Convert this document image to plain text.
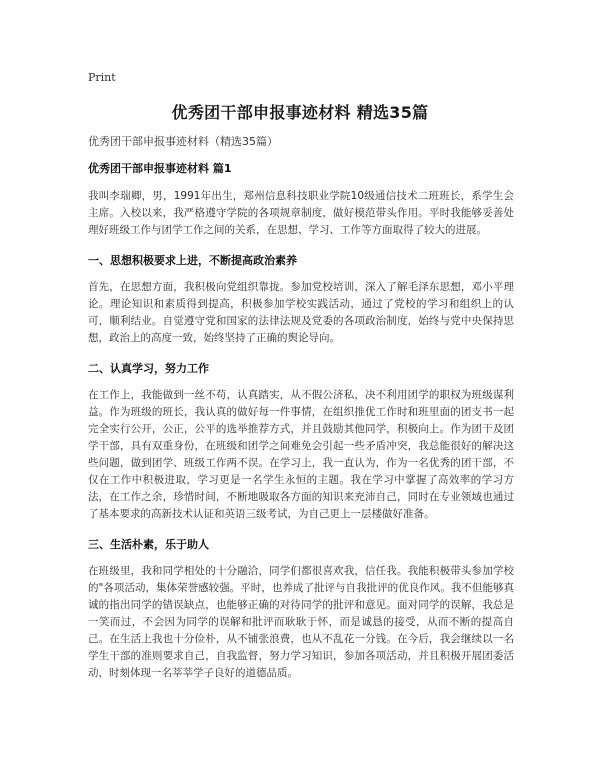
Print
优秀团干部申报事迹材料 精选35篇
优秀团干部申报事迹材料（精选35篇）
优秀团干部申报事迹材料 篇1

我叫李瑞卿，男，1991年出生，郑州信息科技职业学院10级通信技术二班班长，系学生会主席。入校以来，我严格遵守学院的各项规章制度，做好模范带头作用。平时我能够妥善处理好班级工作与团学工作之间的关系，在思想、学习、工作等方面取得了较大的进展。

一、思想积极要求上进，不断提高政治素养

首先，在思想方面，我积极向党组织靠拢。参加党校培训，深入了解毛泽东思想，邓小平理论。理论知识和素质得到提高，积极参加学校实践活动，通过了党校的学习和组织上的认可，顺利结业。自觉遵守党和国家的法律法规及党委的各项政治制度，始终与党中央保持思想，政治上的高度一致，始终坚持了正确的舆论导向。

二、认真学习，努力工作

在工作上，我能做到一丝不苟，认真踏实，从不假公济私，决不利用团学的职权为班级谋利益。作为班级的班长，我认真的做好每一件事情，在组织推优工作时和班里面的团支书一起完全实行公开，公正，公平的选举推荐方式，并且鼓励其他同学，积极向上。作为团干及团学干部，具有双重身份，在班级和团学之间难免会引起一些矛盾冲突，我总能很好的解决这些问题，做到团学、班级工作两不误。在学习上，我一直认为，作为一名优秀的团干部，不仅在工作中积极进取，学习更是一名学生永恒的主题。我在学习中掌握了高效率的学习方法，在工作之余，珍惜时间，不断地吸取各方面的知识来充沛自己，同时在专业领域也通过了基本要求的高新技术认证和英语三级考试，为自己更上一层楼做好准备。

三、生活朴素，乐于助人

在班级里，我和同学相处的十分融洽，同学们都很喜欢我，信任我。我能积极带头参加学校的"各项活动，集体荣誉感较强。平时，也养成了批评与自我批评的优良作风。我不但能够真诚的指出同学的错误缺点，也能够正确的对待同学的批评和意见。面对同学的误解，我总是一笑而过，不会因为同学的误解和批评而耿耿于怀，而是诚恳的接受，从而不断的提高自己。在生活上我也十分俭朴，从不铺张浪费，也从不乱花一分钱。在今后，我会继续以一名学生干部的准则要求自己，自我监督，努力学习知识，参加各项活动，并且积极开展团委活动，时刻体现一名莘莘学子良好的道德品质。
